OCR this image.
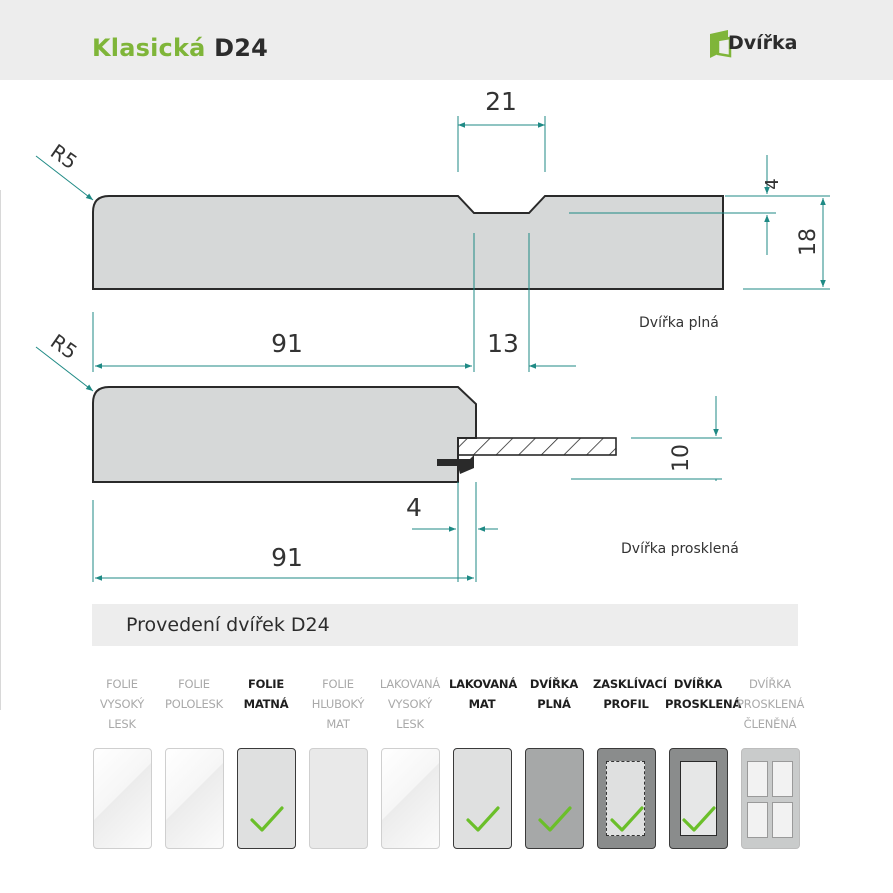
Klasická D24	Dvířka
R5
21
4
18
91	13
Dvířka plná
R5
10
4
91	Dvířka prosklená
Provedení dvířek D24
FOLIE
VYSOKÝ
LESK
FOLIE
POLOLESK
FOLIE
MATNÁ
FOLIE
HLUBOKÝ
MAT
LAKOVANÁ
VYSOKÝ
LESK
LAKOVANÁ
MAT
DVÍŘKA
PLNÁ
ZASKLÍVACÍ
PROFIL
DVÍŘKA
PROSKLENÁ
DVÍŘKA
PROSKLENÁ
ČLENĚNÁ
